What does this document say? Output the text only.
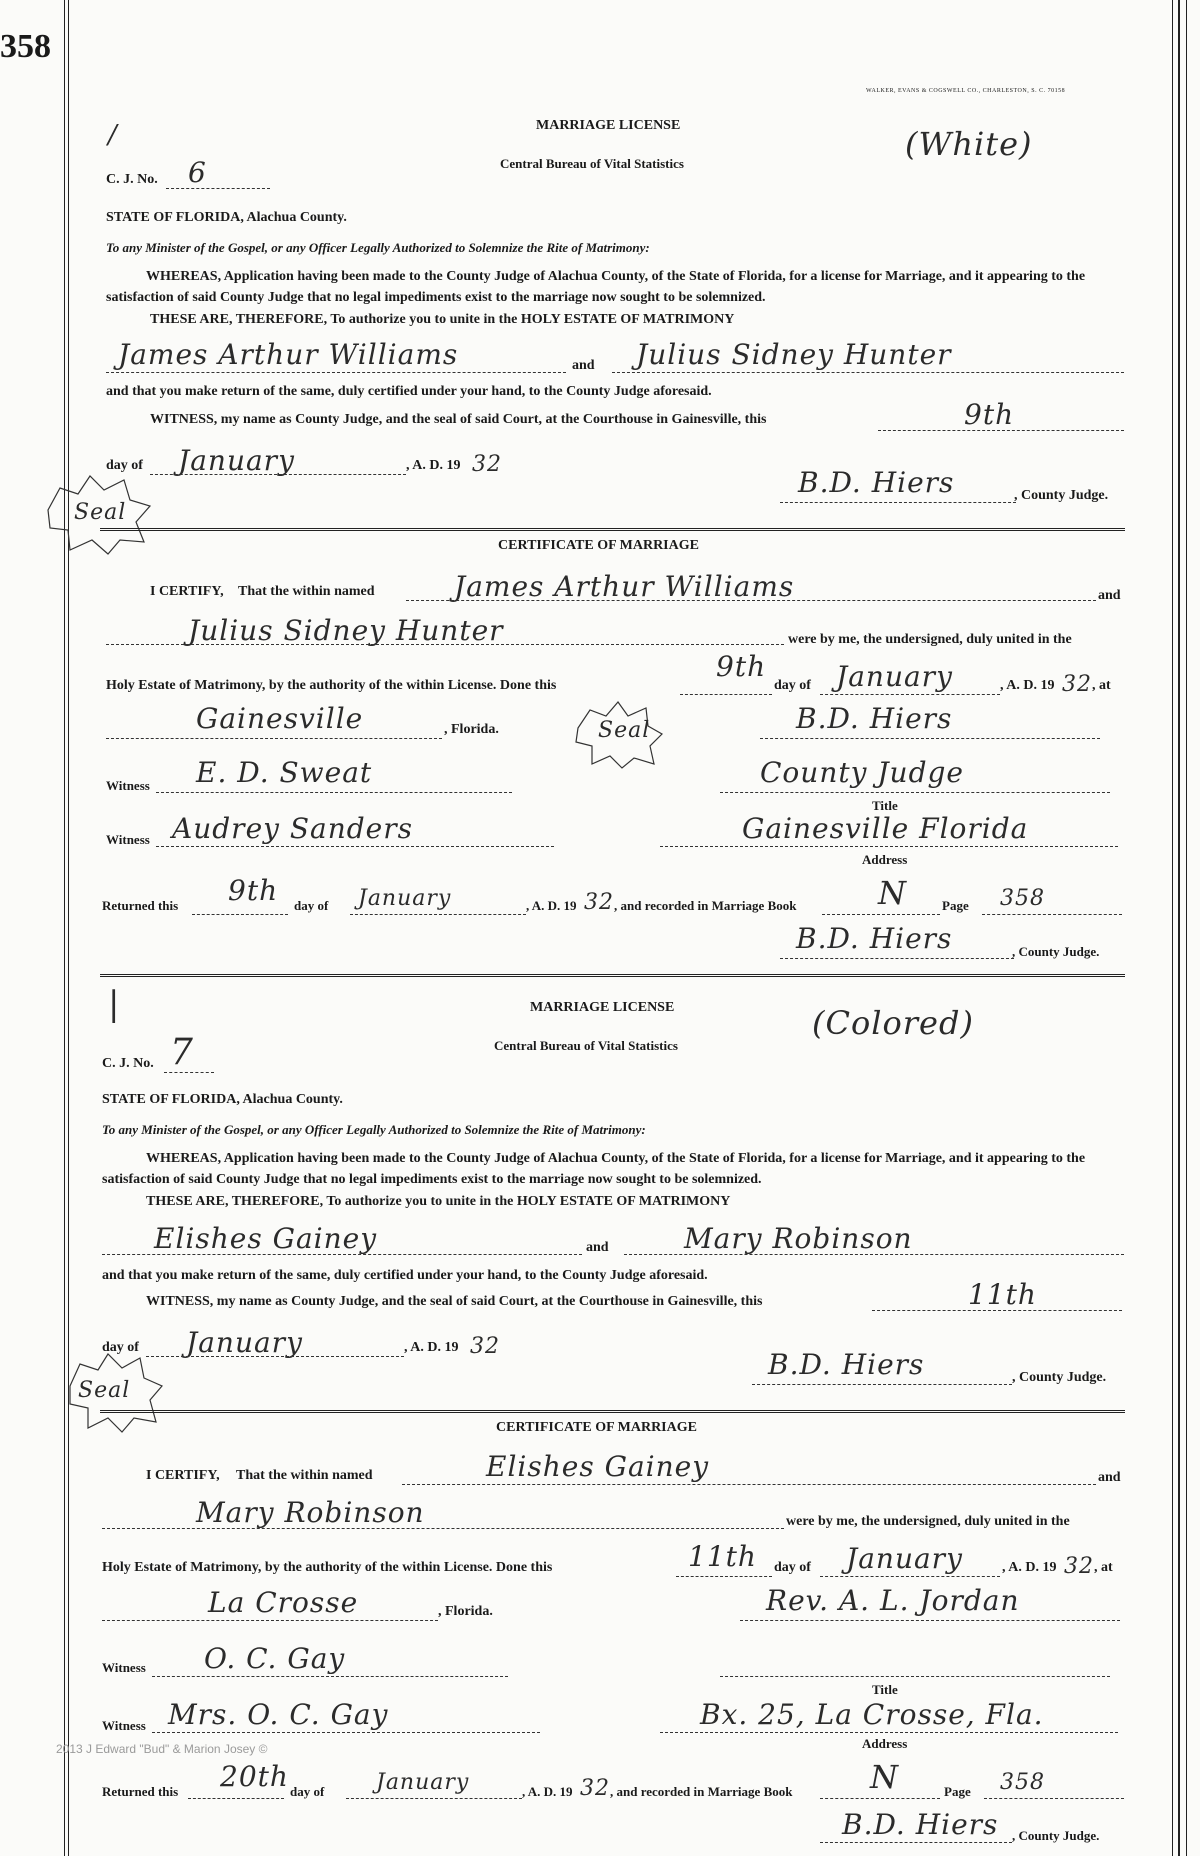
358
WALKER, EVANS & COGSWELL CO., CHARLESTON, S. C. 70158
MARRIAGE LICENSE
Central Bureau of Vital Statistics
(White)
/
C. J. No. 6
STATE OF FLORIDA, Alachua County.
To any Minister of the Gospel, or any Officer Legally Authorized to Solemnize the Rite of Matrimony:
WHEREAS, Application having been made to the County Judge of Alachua County, of the State of Florida, for a license for Marriage, and it appearing to the satisfaction of said County Judge that no legal impediments exist to the marriage now sought to be solemnized.
THESE ARE, THEREFORE, To authorize you to unite in the HOLY ESTATE OF MATRIMONY
James Arthur Williams	and Julius Sidney Hunter
and that you make return of the same, duly certified under your hand, to the County Judge aforesaid.
WITNESS, my name as County Judge, and the seal of said Court, at the Courthouse in Gainesville, this	9th
day of January	, A. D. 19 32
B.D. Hiers	, County Judge.
Seal
CERTIFICATE OF MARRIAGE
I CERTIFY, That the within named	James Arthur Williams	and
Julius Sidney Hunter	were by me, the undersigned, duly united in the
Holy Estate of Matrimony, by the authority of the within License. Done this
9th
day of January	, A. D. 19 32 , at
Gainesville	, Florida.	Seal	B.D. Hiers
Witness E. D. Sweat	County Judge
Title
Witness Audrey Sanders	Gainesville Florida
Address
Returned this 9th day of January	, A. D. 19 32 , and recorded in Marriage Book	N	Page 358
B.D. Hiers	, County Judge.
|	MARRIAGE LICENSE
Central Bureau of Vital Statistics
(Colored)
C. J. No. 7
STATE OF FLORIDA, Alachua County.
To any Minister of the Gospel, or any Officer Legally Authorized to Solemnize the Rite of Matrimony:
WHEREAS, Application having been made to the County Judge of Alachua County, of the State of Florida, for a license for Marriage, and it appearing to the satisfaction of said County Judge that no legal impediments exist to the marriage now sought to be solemnized.
THESE ARE, THEREFORE, To authorize you to unite in the HOLY ESTATE OF MATRIMONY
Elishes Gainey	and	Mary Robinson
and that you make return of the same, duly certified under your hand, to the County Judge aforesaid.
WITNESS, my name as County Judge, and the seal of said Court, at the Courthouse in Gainesville, this	11th
day of January	, A. D. 19 32
B.D. Hiers	, County Judge.
Seal
CERTIFICATE OF MARRIAGE
I CERTIFY, That the within named	Elishes Gainey	and
Mary Robinson	were by me, the undersigned, duly united in the
Holy Estate of Matrimony, by the authority of the within License. Done this	11th day of January	, A. D. 19 32 , at
La Crosse	, Florida.	Rev. A. L. Jordan
Witness O. C. Gay
Title
Witness Mrs. O. C. Gay	Bx. 25, La Crosse, Fla.
Address
2013 J Edward "Bud" & Marion Josey ©
Returned this 20th day of January	, A. D. 19 32 , and recorded in Marriage Book N	Page 358
B.D. Hiers , County Judge.
